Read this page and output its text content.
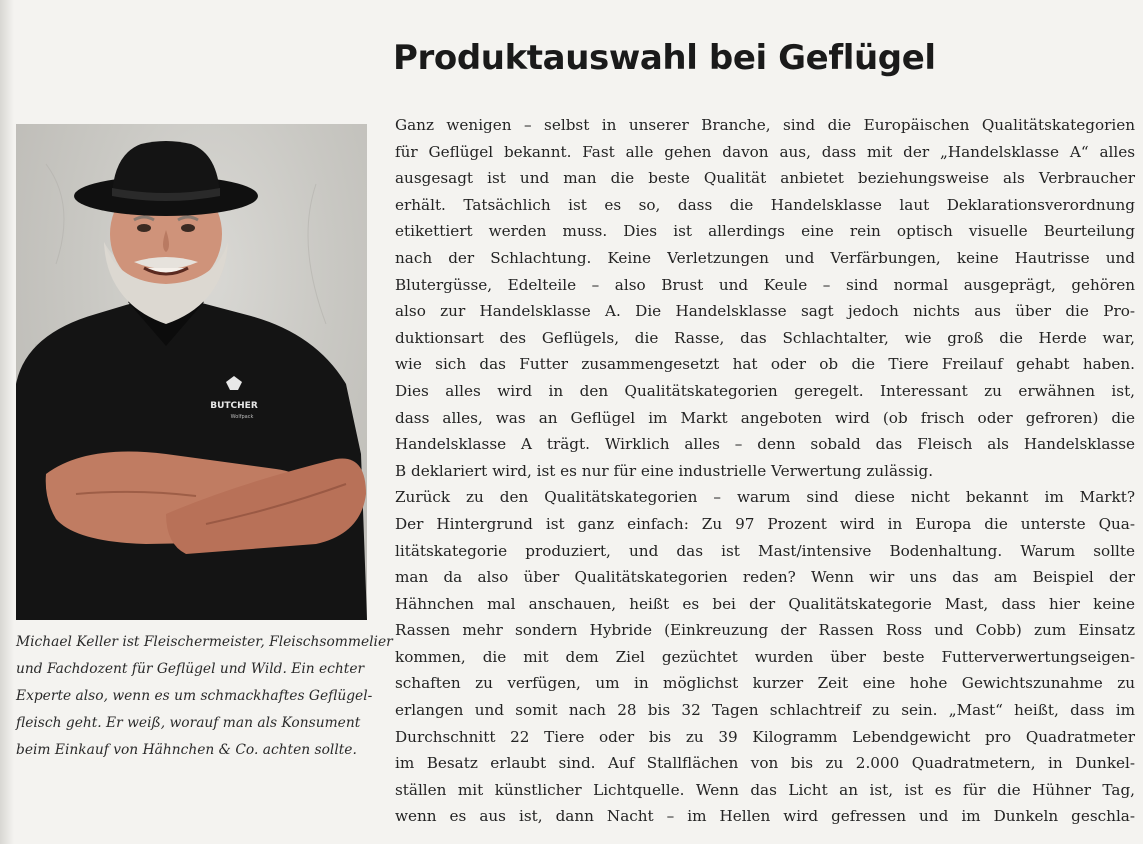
Produktauswahl bei Geflügel
BUTCHER
Wolfpack
Michael Keller ist Fleischermeister, Fleischsommelier
und Fachdozent für Geflügel und Wild. Ein echter
Experte also, wenn es um schmackhaftes Geflügel-
fleisch geht. Er weiß, worauf man als Konsument
beim Einkauf von Hähnchen & Co. achten sollte.
Ganz wenigen – selbst in unserer Branche, sind die Europäischen Qualitätskategorien
für Geflügel bekannt. Fast alle gehen davon aus, dass mit der „Handelsklasse A“ alles
ausgesagt ist und man die beste Qualität anbietet beziehungsweise als Verbraucher
erhält. Tatsächlich ist es so, dass die Handelsklasse laut Deklarationsverordnung
etikettiert werden muss. Dies ist allerdings eine rein optisch visuelle Beurteilung
nach der Schlachtung. Keine Verletzungen und Verfärbungen, keine Hautrisse und
Blutergüsse, Edelteile – also Brust und Keule – sind normal ausgeprägt, gehören
also zur Handelsklasse A. Die Handelsklasse sagt jedoch nichts aus über die Pro-
duktionsart des Geflügels, die Rasse, das Schlachtalter, wie groß die Herde war,
wie sich das Futter zusammengesetzt hat oder ob die Tiere Freilauf gehabt haben.
Dies alles wird in den Qualitätskategorien geregelt. Interessant zu erwähnen ist,
dass alles, was an Geflügel im Markt angeboten wird (ob frisch oder gefroren) die
Handelsklasse A trägt. Wirklich alles – denn sobald das Fleisch als Handelsklasse
B deklariert wird, ist es nur für eine industrielle Verwertung zulässig.
Zurück zu den Qualitätskategorien – warum sind diese nicht bekannt im Markt?
Der Hintergrund ist ganz einfach: Zu 97 Prozent wird in Europa die unterste Qua-
litätskategorie produziert, und das ist Mast/intensive Bodenhaltung. Warum sollte
man da also über Qualitätskategorien reden? Wenn wir uns das am Beispiel der
Hähnchen mal anschauen, heißt es bei der Qualitätskategorie Mast, dass hier keine
Rassen mehr sondern Hybride (Einkreuzung der Rassen Ross und Cobb) zum Einsatz
kommen, die mit dem Ziel gezüchtet wurden über beste Futterverwertungseigen-
schaften zu verfügen, um in möglichst kurzer Zeit eine hohe Gewichtszunahme zu
erlangen und somit nach 28 bis 32 Tagen schlachtreif zu sein. „Mast“ heißt, dass im
Durchschnitt 22 Tiere oder bis zu 39 Kilogramm Lebendgewicht pro Quadratmeter
im Besatz erlaubt sind. Auf Stallflächen von bis zu 2.000 Quadratmetern, in Dunkel-
ställen mit künstlicher Lichtquelle. Wenn das Licht an ist, ist es für die Hühner Tag,
wenn es aus ist, dann Nacht – im Hellen wird gefressen und im Dunkeln geschla-
